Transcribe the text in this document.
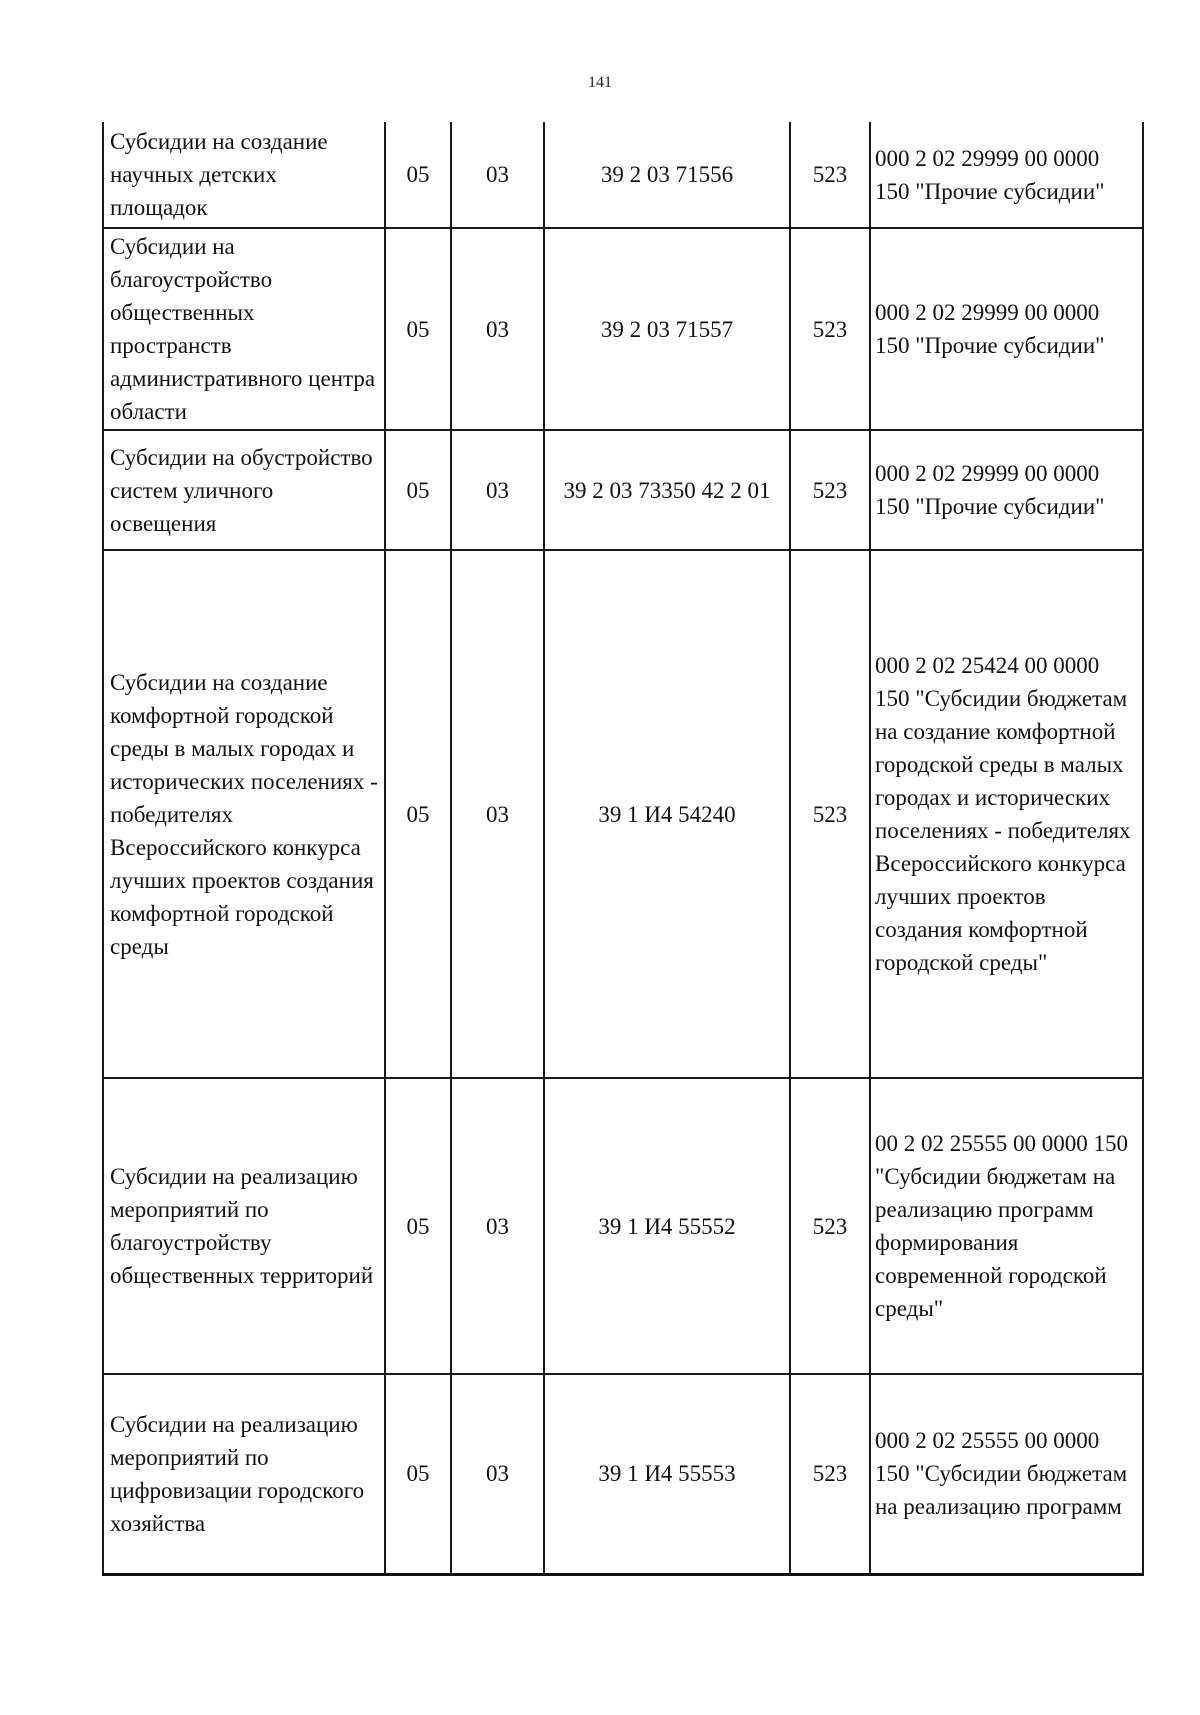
141
Субсидии на создание научных детских площадок	05	03	39 2 03 71556	523	000 2 02 29999 00 0000 150 "Прочие субсидии"
Субсидии на благоустройство общественных пространств административного центра области	05	03	39 2 03 71557	523	000 2 02 29999 00 0000 150 "Прочие субсидии"
Субсидии на обустройство систем уличного освещения	05	03	39 2 03 73350 42 2 01	523	000 2 02 29999 00 0000 150 "Прочие субсидии"
Субсидии на создание комфортной городской среды в малых городах и исторических поселениях - победителях Всероссийского конкурса лучших проектов создания комфортной городской среды	05	03	39 1 И4 54240	523	000 2 02 25424 00 0000 150 "Субсидии бюджетам на создание комфортной городской среды в малых городах и исторических поселениях - победителях Всероссийского конкурса лучших проектов создания комфортной городской среды"
Субсидии на реализацию мероприятий по благоустройству общественных территорий	05	03	39 1 И4 55552	523	00 2 02 25555 00 0000 150 "Субсидии бюджетам на реализацию программ формирования современной городской среды"
Субсидии на реализацию мероприятий по цифровизации городского хозяйства	05	03	39 1 И4 55553	523	000 2 02 25555 00 0000 150 "Субсидии бюджетам на реализацию программ
